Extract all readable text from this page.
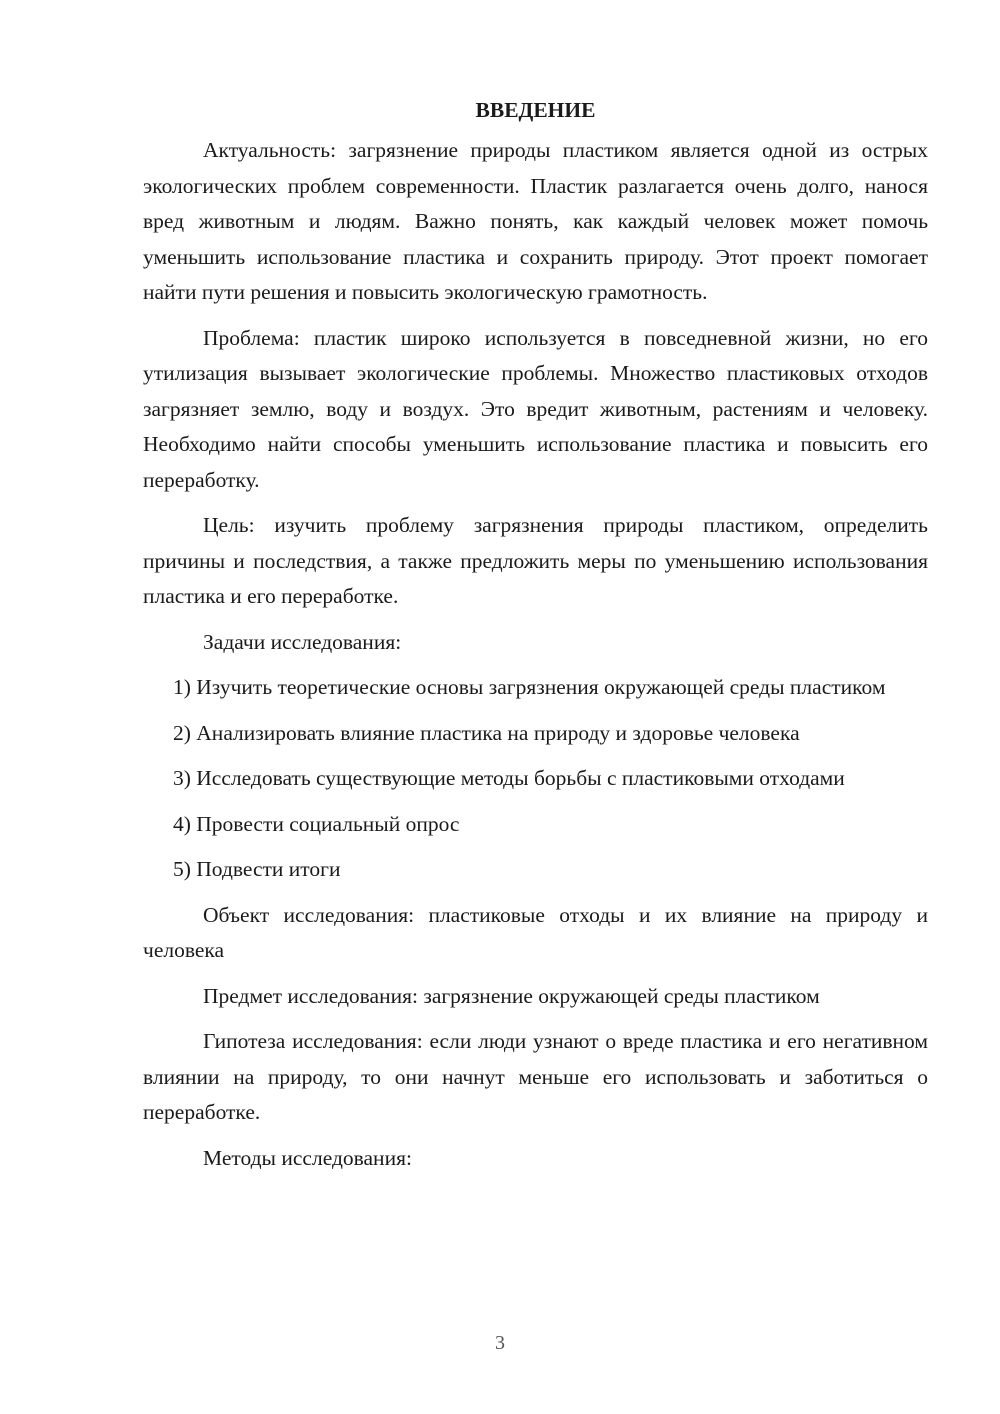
ВВЕДЕНИЕ

Актуальность: загрязнение природы пластиком является одной из острых экологических проблем современности. Пластик разлагается очень долго, нанося вред животным и людям. Важно понять, как каждый человек может помочь уменьшить использование пластика и сохранить природу. Этот проект помогает найти пути решения и повысить экологическую грамотность.

Проблема: пластик широко используется в повседневной жизни, но его утилизация вызывает экологические проблемы. Множество пластиковых отходов загрязняет землю, воду и воздух. Это вредит животным, растениям и человеку. Необходимо найти способы уменьшить использование пластика и повысить его переработку.

Цель: изучить проблему загрязнения природы пластиком, определить причины и последствия, а также предложить меры по уменьшению использования пластика и его переработке.

Задачи исследования:

1) Изучить теоретические основы загрязнения окружающей среды пластиком

2) Анализировать влияние пластика на природу и здоровье человека

3) Исследовать существующие методы борьбы с пластиковыми отходами

4) Провести социальный опрос

5) Подвести итоги

Объект исследования: пластиковые отходы и их влияние на природу и человека

Предмет исследования: загрязнение окружающей среды пластиком

Гипотеза исследования: если люди узнают о вреде пластика и его негативном влиянии на природу, то они начнут меньше его использовать и заботиться о переработке.

Методы исследования:

3
